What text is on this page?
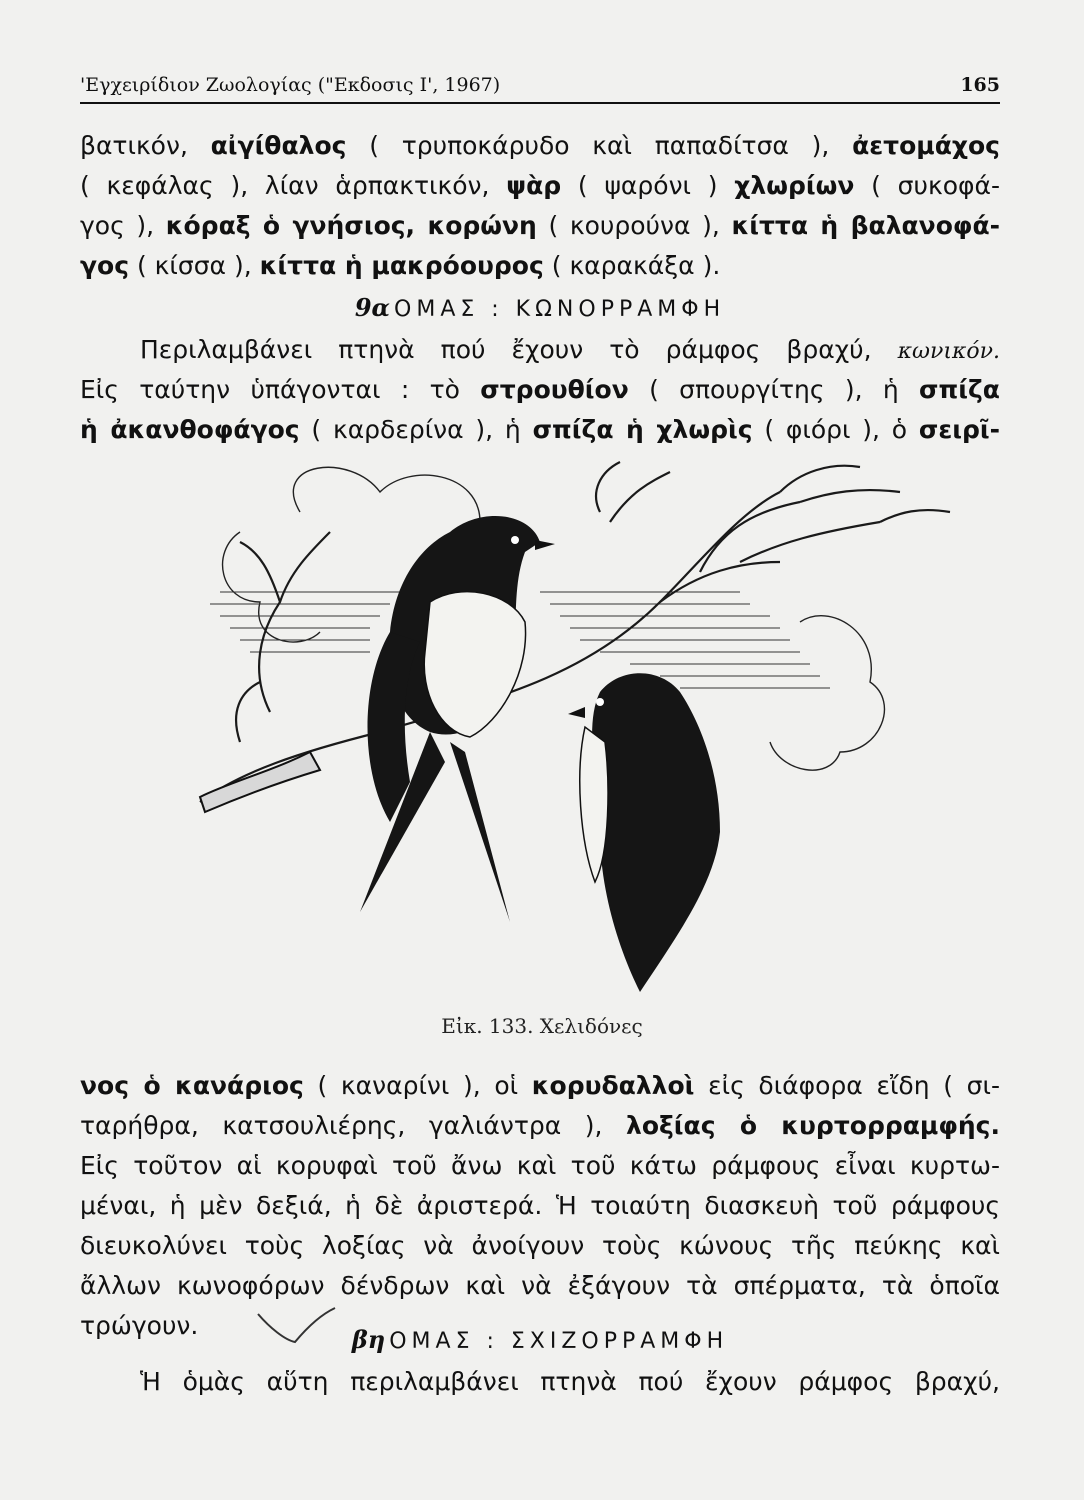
'Εγχειρίδιον Ζωολογίας ("Εκδοσις Ι', 1967)	165
βατικόν, αἰγίθαλος ( τρυποκάρυδο καὶ παπαδίτσα ), ἀετομάχος
( κεφάλας ), λίαν ἁρπακτικόν, ψὰρ ( ψαρόνι ) χλωρίων ( συκοφά-
γος ), κόραξ ὁ γνήσιος, κορώνη ( κουρούνα ), κίττα ἡ βαλανοφά-
γος ( κίσσα ), κίττα ἡ μακρόουρος ( καρακάξα ).
9α ΟΜΑΣ : ΚΩΝΟΡΡΑΜΦΗ
Περιλαμβάνει πτηνὰ πού ἔχουν τὸ ράμφος βραχύ, κωνικόν.
Εἰς ταύτην ὑπάγονται : τὸ στρουθίον ( σπουργίτης ), ἡ σπίζα
ἡ ἀκανθοφάγος ( καρδερίνα ), ἡ σπίζα ἡ χλωρὶς ( φιόρι ), ὁ σειρῖ-
Εἰκ. 133. Χελιδόνες
νος ὁ κανάριος ( καναρίνι ), οἱ κορυδαλλοὶ εἰς διάφορα εἴδη ( σι-
ταρήθρα, κατσουλιέρης, γαλιάντρα ), λοξίας ὁ κυρτορραμφής.
Εἰς τοῦτον αἱ κορυφαὶ τοῦ ἄνω καὶ τοῦ κάτω ράμφους εἶναι κυρτω-
μέναι, ἡ μὲν δεξιά, ἡ δὲ ἀριστερά. Ἡ τοιαύτη διασκευὴ τοῦ ράμφους
διευκολύνει τοὺς λοξίας νὰ ἀνοίγουν τοὺς κώνους τῆς πεύκης καὶ
ἄλλων κωνοφόρων δένδρων καὶ νὰ ἐξάγουν τὰ σπέρματα, τὰ ὁποῖα
τρώγουν.	βη ΟΜΑΣ : ΣΧΙΖΟΡΡΑΜΦΗ
Ἡ ὁμὰς αὕτη περιλαμβάνει πτηνὰ πού ἔχουν ράμφος βραχύ,
